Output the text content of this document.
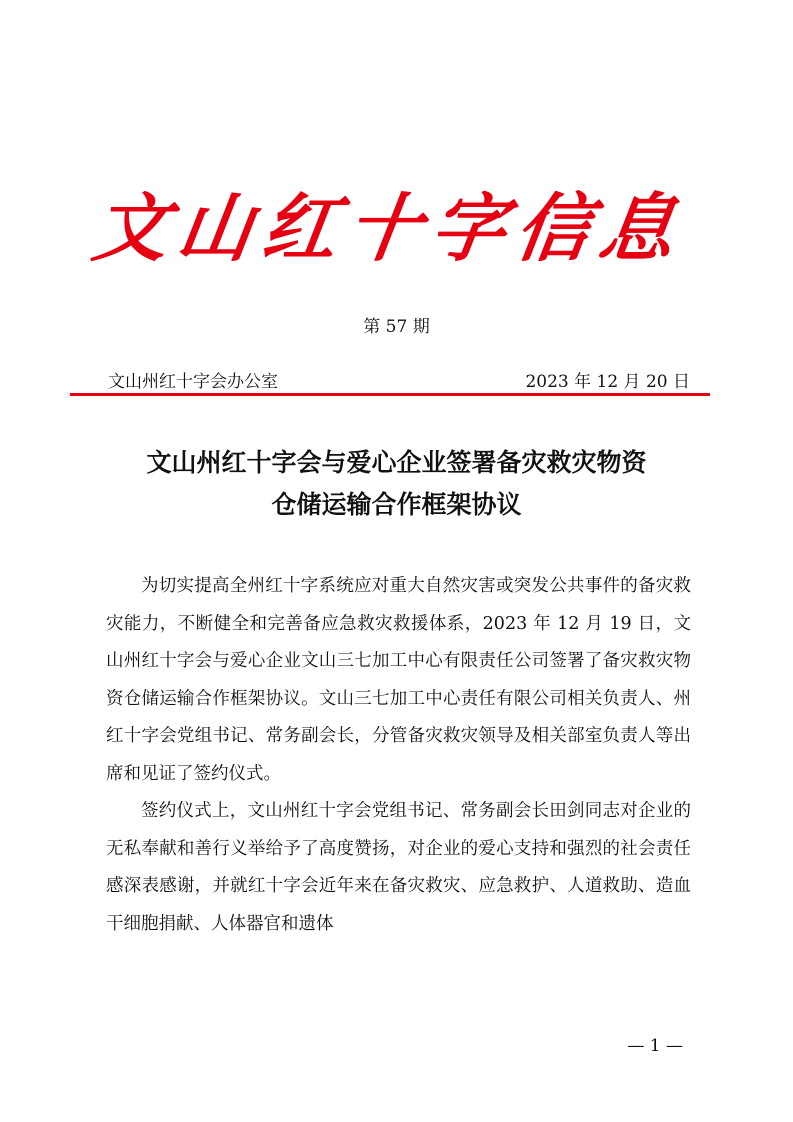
文
山
红
十
字
信
息
第 57 期
文山州红十字会办公室	2023 年 12 月 20 日
文山州红十字会与爱心企业签署备灾救灾物资
仓储运输合作框架协议

为切实提高全州红十字系统应对重大自然灾害或突发公共事件的备灾救灾能力，不断健全和完善备应急救灾救援体系，2023 年 12 月 19 日，文山州红十字会与爱心企业文山三七加工中心有限责任公司签署了备灾救灾物资仓储运输合作框架协议。文山三七加工中心责任有限公司相关负责人、州红十字会党组书记、常务副会长，分管备灾救灾领导及相关部室负责人等出席和见证了签约仪式。

签约仪式上，文山州红十字会党组书记、常务副会长田剑同志对企业的无私奉献和善行义举给予了高度赞扬，对企业的爱心支持和强烈的社会责任感深表感谢，并就红十字会近年来在备灾救灾、应急救护、人道救助、造血干细胞捐献、人体器官和遗体

— 1 —
